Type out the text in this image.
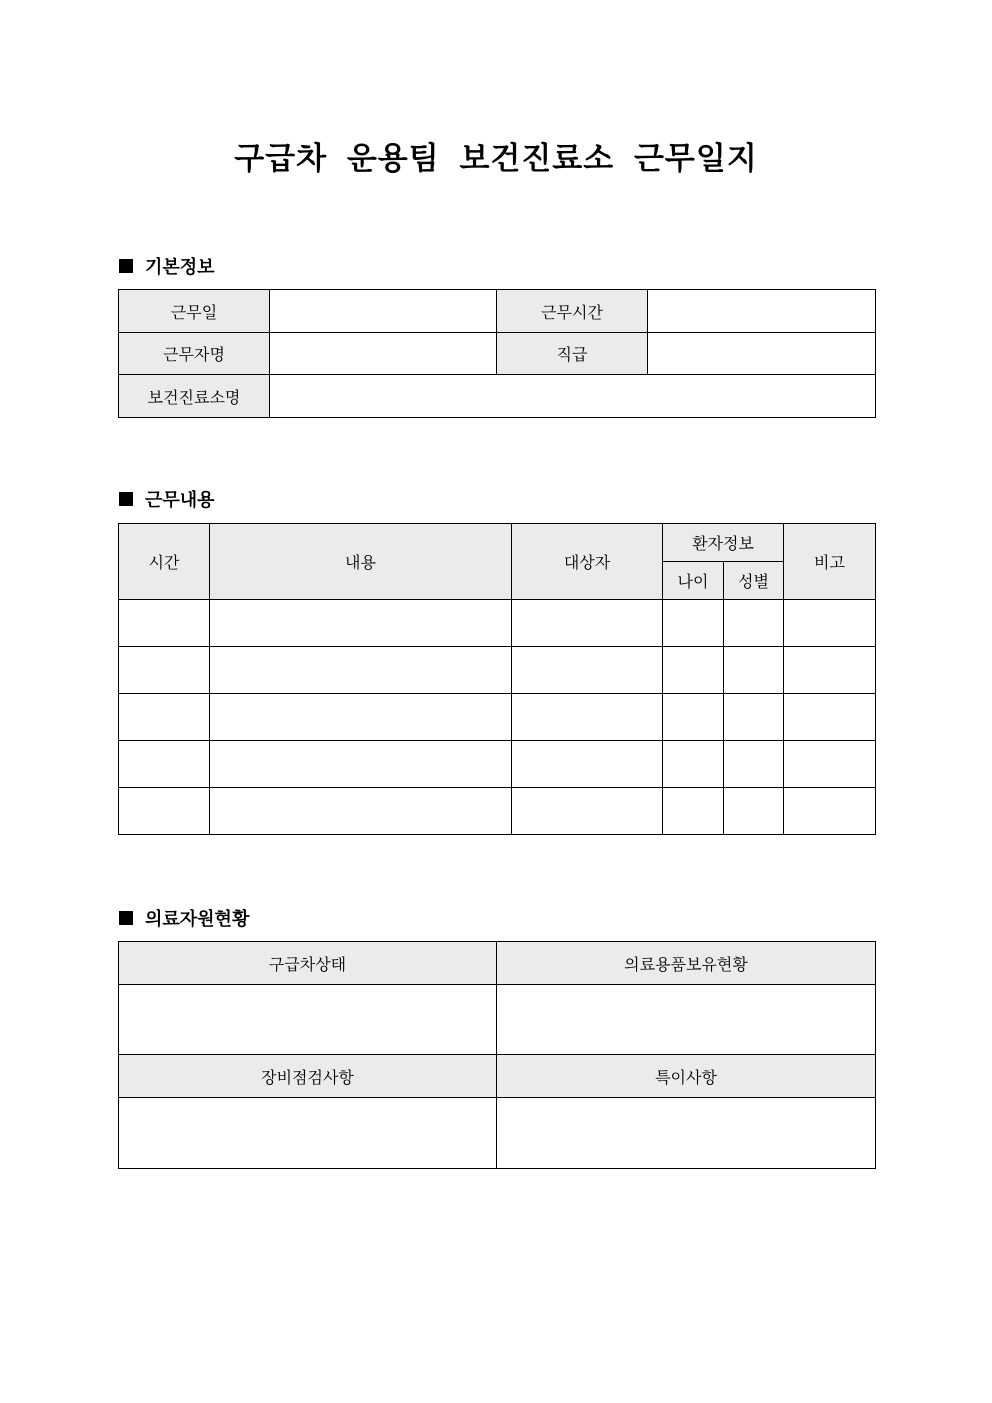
구급차 운용팀 보건진료소 근무일지
기본정보
근무일		근무시간	
근무자명		직급	
보건진료소명			
근무내용
시간	내용	대상자	환자정보		비고
			나이	성별	

의료자원현황
구급차상태	의료용품보유현황

장비점검사항	특이사항
